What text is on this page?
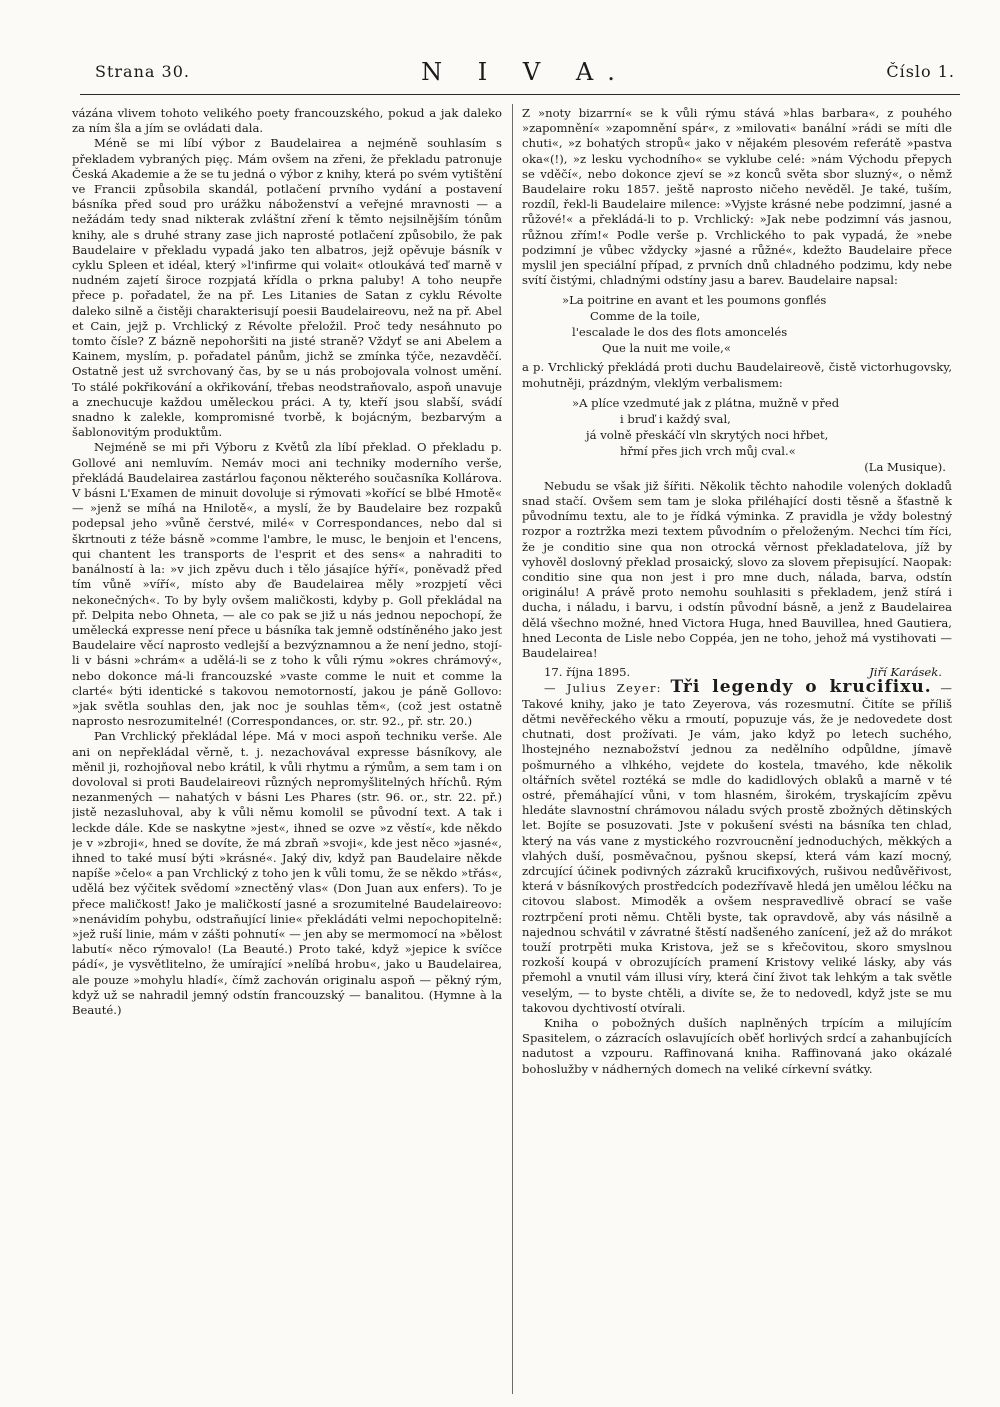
Strana 30.	N I V A.	Číslo 1.

vázána vlivem tohoto velikého poety francouzského, pokud a jak daleko za ním šla a jím se ovládati dala.

Méně se mi líbí výbor z Baudelairea a nejméně souhlasím s překladem vybraných pięç. Mám ovšem na zřeni, že překladu patronuje Česká Akademie a že se tu jedná o výbor z knihy, která po svém vytištění ve Francii způsobila skandál, potlačení prvního vydání a postavení básníka před soud pro urážku náboženství a veřejné mravnosti — a nežádám tedy snad nikterak zvláštní zření k těmto nejsilnějším tónům knihy, ale s druhé strany zase jich naprosté potlačení způsobilo, že pak Baudelaire v překladu vypadá jako ten albatros, jejž opěvuje básník v cyklu Spleen et idéal, který »l'infirme qui volait« otloukává teď marně v nudném zajetí široce rozpjatá křídla o prkna paluby! A toho neupře přece p. pořadatel, že na př. Les Litanies de Satan z cyklu Révolte daleko silně a čistěji charakterisují poesii Baudelaireovu, než na př. Abel et Cain, jejž p. Vrchlický z Révolte přeložil. Proč tedy nesáhnuto po tomto čísle? Z báznĕ nepohoršiti na jisté straně? Vždyť se ani Abelem a Kainem, myslím, p. pořadatel pánům, jichž se zmínka týče, nezavděčí. Ostatně jest už svrchovaný čas, by se u nás probojovala volnost umění. To stálé pokřikování a okřikování, třebas neodstraňovalo, aspoň unavuje a znechucuje každou uměleckou práci. A ty, kteří jsou slabší, svádí snadno k zalekle, kompromisné tvorbě, k bojácným, bezbarvým a šablonovitým produktům.

Nejméně se mi při Výboru z Květů zla líbí překlad. O překladu p. Gollové ani nemluvím. Nemáv moci ani techniky moderního verše, překládá Baudelairea zastárlou façonou některého současníka Kollárova. V básni L'Examen de minuit dovoluje si rýmovati »kořící se blbé Hmotě« — »jenž se míhá na Hnilotě«, a myslí, že by Baudelaire bez rozpaků podepsal jeho »vůně čerstvé, milé« v Correspondances, nebo dal si škrtnouti z téže básně »comme l'ambre, le musc, le benjoin et l'encens, qui chantent les transports de l'esprit et des sens« a nahraditi to banálností à la: »v jich zpěvu duch i tělo jásajíce hýří«, poněvadž před tím vůně »víří«, místo aby ďe Baudelairea měly »rozpjetí věci nekonečných«. To by byly ovšem maličkosti, kdyby p. Goll překládal na př. Delpita nebo Ohneta, — ale co pak se již u nás jednou nepochopí, že umělecká expresse není přece u básníka tak jemně odstíněného jako jest Baudelaire věcí naprosto vedlejší a bezvýznamnou a že není jedno, stojí-li v básni »chrám« a udělá-li se z toho k vůli rýmu »okres chrámový«, nebo dokonce má-li francouzské »vaste comme le nuit et comme la clarté« býti identické s takovou nemotorností, jakou je páně Gollovo: »jak světla souhlas den, jak noc je souhlas těm«, (což jest ostatně naprosto nesrozumitelné! (Correspondances, or. str. 92., př. str. 20.)

Pan Vrchlický překládal lépe. Má v moci aspoň techniku verše. Ale ani on nepřekládal věrně, t. j. nezachovával expresse básníkovy, ale měnil ji, rozhojňoval nebo krátil, k vůli rhytmu a rýmům, a sem tam i on dovoloval si proti Baudelaireovi různých nepromyšlitelných hříchů. Rým nezanmených — nahatých v básni Les Phares (str. 96. or., str. 22. př.) jistě nezasluhoval, aby k vůli němu komolil se původní text. A tak i leckde dále. Kde se naskytne »jest«, ihned se ozve »z věstí«, kde někdo je v »zbroji«, hned se dovíte, že má zbraň »svoji«, kde jest něco »jasné«, ihned to také musí býti »krásné«. Jaký div, když pan Baudelaire někde napíše »čelo« a pan Vrchlický z toho jen k vůli tomu, že se někdo »třás«, udělá bez výčitek svědomí »znectěný vlas« (Don Juan aux enfers). To je přece maličkost! Jako je maličkostí jasné a srozumitelné Baudelaireovo: »nenávidím pohybu, odstraňující linie« překládáti velmi nepochopitelně: »jež ruší linie, mám v zášti pohnutí« — jen aby se mermomocí na »bělost labutí« něco rýmovalo! (La Beauté.) Proto také, když »jepice k svíčce pádí«, je vysvětlitelno, že umírající »nelíbá hrobu«, jako u Baudelairea, ale pouze »mohylu hladí«, čímž zachován originalu aspoň — pěkný rým, když už se nahradil jemný odstín francouzský — banalitou. (Hymne à la Beauté.)

Z »noty bizarrní« se k vůli rýmu stává »hlas barbara«, z pouhého »zapomnění« »zapomnění spár«, z »milovati« banální »rádi se míti dle chuti«, »z bohatých stropů« jako v nějakém plesovém referátě »pastva oka«(!), »z lesku vychodního« se vyklube celé: »nám Východu přepych se vděčí«, nebo dokonce zjeví se »z konců světa sbor sluzný«, o němž Baudelaire roku 1857. ještě naprosto ničeho nevěděl. Je také, tuším, rozdíl, řekl-li Baudelaire milence: »Vyjste krásné nebe podzimní, jasné a růžové!« a překládá-li to p. Vrchlický: »Jak nebe podzimní vás jasnou, růžnou zřím!« Podle verše p. Vrchlického to pak vypadá, že »nebe podzimní je vůbec vždycky »jasné a růžné«, kdežto Baudelaire přece myslil jen speciální případ, z prvních dnů chladného podzimu, kdy nebe svítí čistými, chladnými odstíny jasu a barev. Baudelaire napsal:

»La poitrine en avant et les poumons gonflés
Comme de la toile,
l'escalade le dos des flots amoncelés
Que la nuit me voile,«

a p. Vrchlický překládá proti duchu Baudelaireově, čistě victorhugovsky, mohutněji, prázdným, vleklým verbalismem:

»A plíce vzedmuté jak z plátna, mužně v před
i bruď i každý sval,
já volně přeskáčí vln skrytých noci hřbet,
hřmí přes jich vrch můj cval.«
(La Musique).

Nebudu se však již šířiti. Několik těchto nahodile volených dokladů snad stačí. Ovšem sem tam je sloka přiléhající dosti těsně a šťastně k původnímu textu, ale to je řídká výminka. Z pravidla je vždy bolestný rozpor a roztržka mezi textem původním o přeloženým. Nechci tím říci, že je conditio sine qua non otrocká věrnost překladatelova, jíž by vyhověl doslovný překlad prosaický, slovo za slovem přepisující. Naopak: conditio sine qua non jest i pro mne duch, nálada, barva, odstín originálu! A právě proto nemohu souhlasiti s překladem, jenž stírá i ducha, i náladu, i barvu, i odstín původní básně, a jenž z Baudelairea dělá všechno možné, hned Victora Huga, hned Bauvillea, hned Gautiera, hned Leconta de Lisle nebo Coppéa, jen ne toho, jehož má vystihovati — Baudelairea!

17. října 1895.	Jiří Karásek.

— Julius Zeyer: Tři legendy o krucifixu. — Takové knihy, jako je tato Zeyerova, vás rozesmutní. Čitíte se příliš dětmi nevěřeckého věku a rmoutí, popuzuje vás, že je nedovedete dost chutnati, dost prožívati. Je vám, jako když po letech suchého, lhostejného neznabožství jednou za nedělního odpůldne, jímavě pošmurného a vlhkého, vejdete do kostela, tmavého, kde několik oltářních světel roztéká se mdle do kadidlových oblaků a marně v té ostré, přemáhající vůni, v tom hlasném, širokém, tryskajícím zpěvu hledáte slavnostní chrámovou náladu svých prostě zbožných dětinských let. Bojíte se posuzovati. Jste v pokušení svésti na básníka ten chlad, který na vás vane z mystického rozvroucnění jednoduchých, měkkých a vlahých duší, posměvačnou, pyšnou skepsí, která vám kazí mocný, zdrcující účinek podivných zázraků krucifixových, rušivou nedůvěřivost, která v básníkových prostředcích podezřívavě hledá jen umělou léčku na citovou slabost. Mimoděk a ovšem nespravedlivě obrací se vaše roztrpčení proti němu. Chtěli byste, tak opravdově, aby vás násilně a najednou schvátil v závratné štěstí nadšeného zanícení, jež až do mrákot touží protrpěti muka Kristova, jež se s křečovitou, skoro smyslnou rozkoší koupá v obrozujících pramení Kristovy veliké lásky, aby vás přemohl a vnutil vám illusi víry, která činí život tak lehkým a tak světle veselým, — to byste chtěli, a divíte se, že to nedovedl, když jste se mu takovou dychtivostí otvírali.

Kniha o pobožných duších naplněných trpícím a milujícím Spasitelem, o zázracích oslavujících oběť horlivých srdcí a zahanbujících nadutost a vzpouru. Raffinovaná kniha. Raffinovaná jako okázalé bohoslužby v nádherných domech na veliké církevní svátky.
